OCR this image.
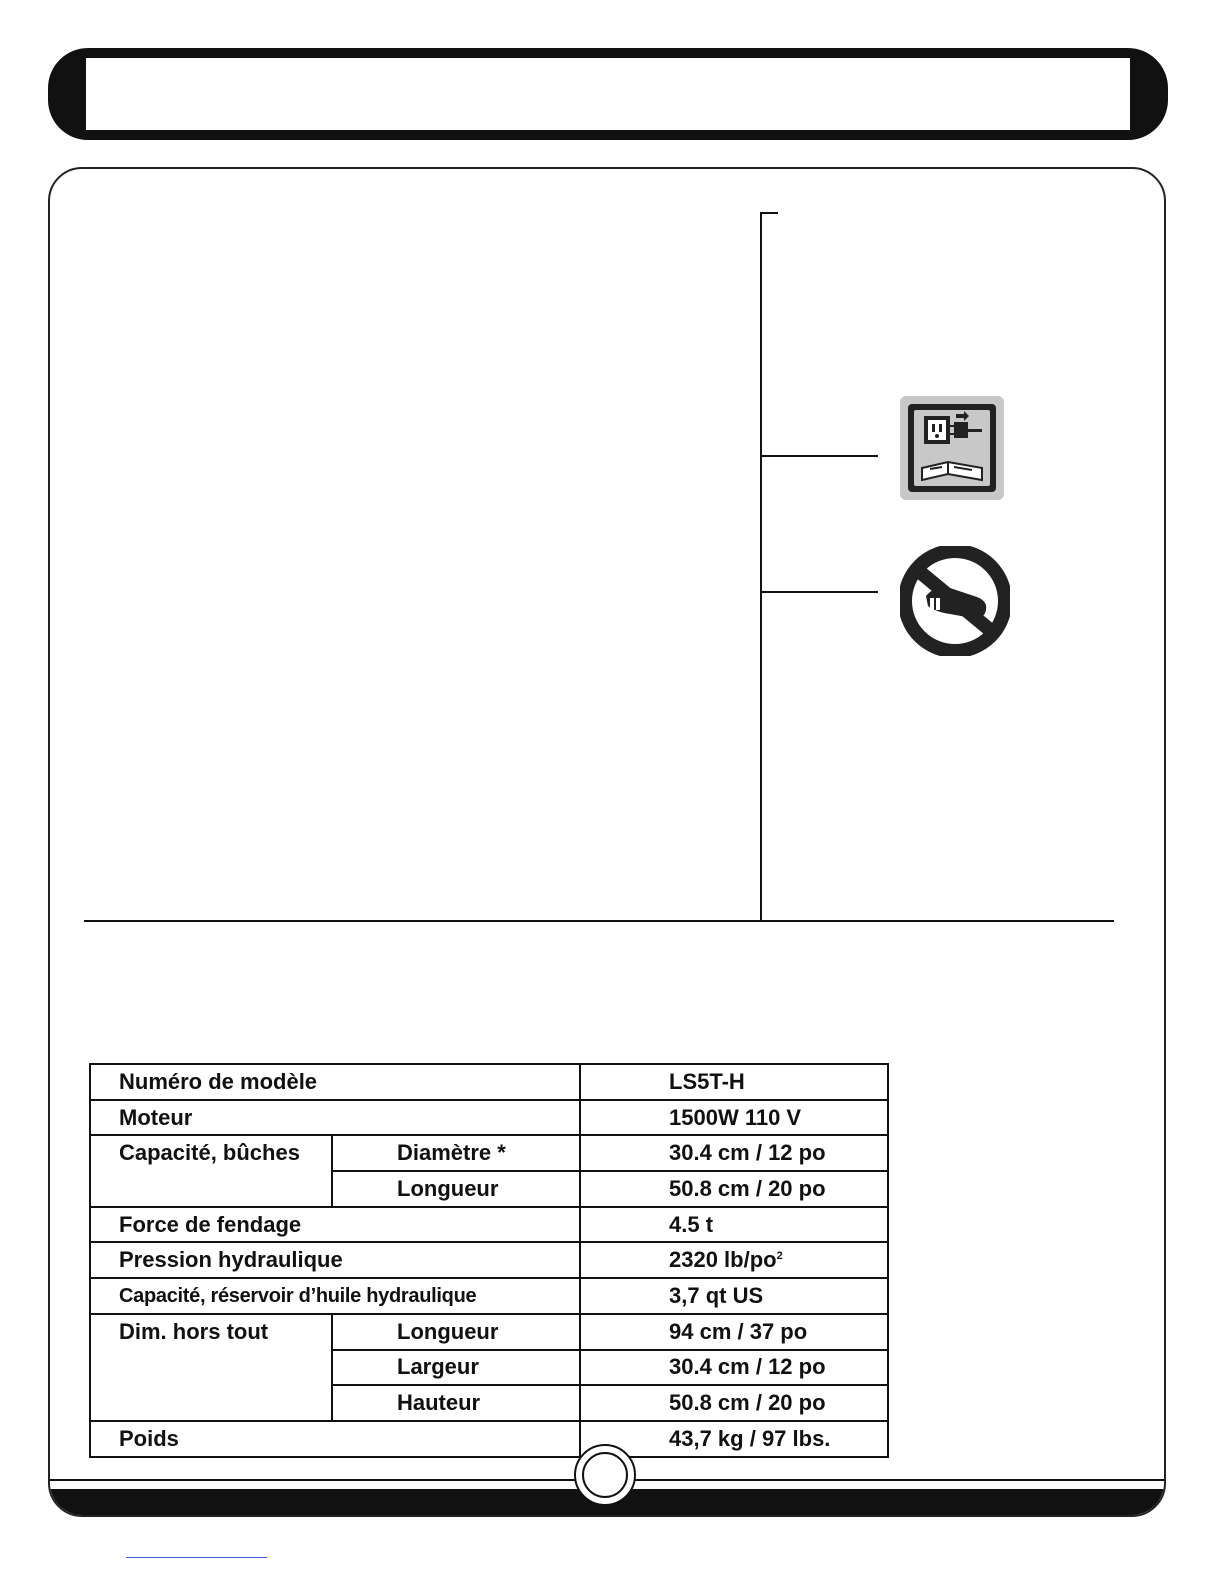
Numéro de modèle		LS5T-H
Moteur		1500W 110 V
Capacité, bûches	Diamètre *	30.4 cm / 12 po
	Longueur	50.8 cm / 20 po
Force de fendage		4.5 t
Pression hydraulique		2320 $lb/po^2$
Capacité, réservoir d’huile hydraulique		3,7 qt US
Dim. hors tout	Longueur	94 cm / 37 po
	Largeur	30.4 cm / 12 po
	Hauteur	50.8 cm / 20 po
Poids		43,7 kg / 97 lbs.
